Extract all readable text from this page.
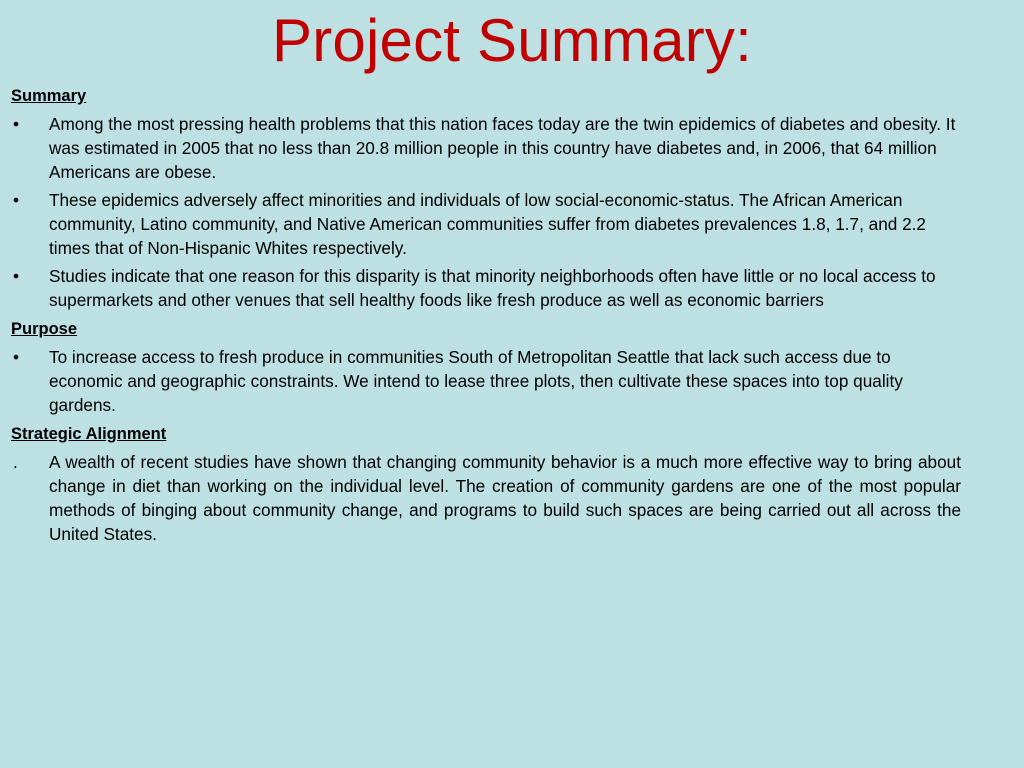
Project Summary:
Summary
•	Among the most pressing health problems that this nation faces today are the twin epidemics of diabetes and obesity. It was estimated in 2005 that no less than 20.8 million people in this country have diabetes and, in 2006, that 64 million Americans are obese.
•	These epidemics adversely affect minorities and individuals of low social-economic-status. The African American community, Latino community, and Native American communities suffer from diabetes prevalences 1.8, 1.7, and 2.2 times that of Non-Hispanic Whites respectively.
•	Studies indicate that one reason for this disparity is that minority neighborhoods often have little or no local access to supermarkets and other venues that sell healthy foods like fresh produce as well as economic barriers
Purpose
•	To increase access to fresh produce in communities South of Metropolitan Seattle that lack such access due to economic and geographic constraints. We intend to lease three plots, then cultivate these spaces into top quality gardens.
Strategic Alignment
.	A wealth of recent studies have shown that changing community behavior is a much more effective way to bring about change in diet than working on the individual level. The creation of community gardens are one of the most popular methods of binging about community change, and programs to build such spaces are being carried out all across the United States.
